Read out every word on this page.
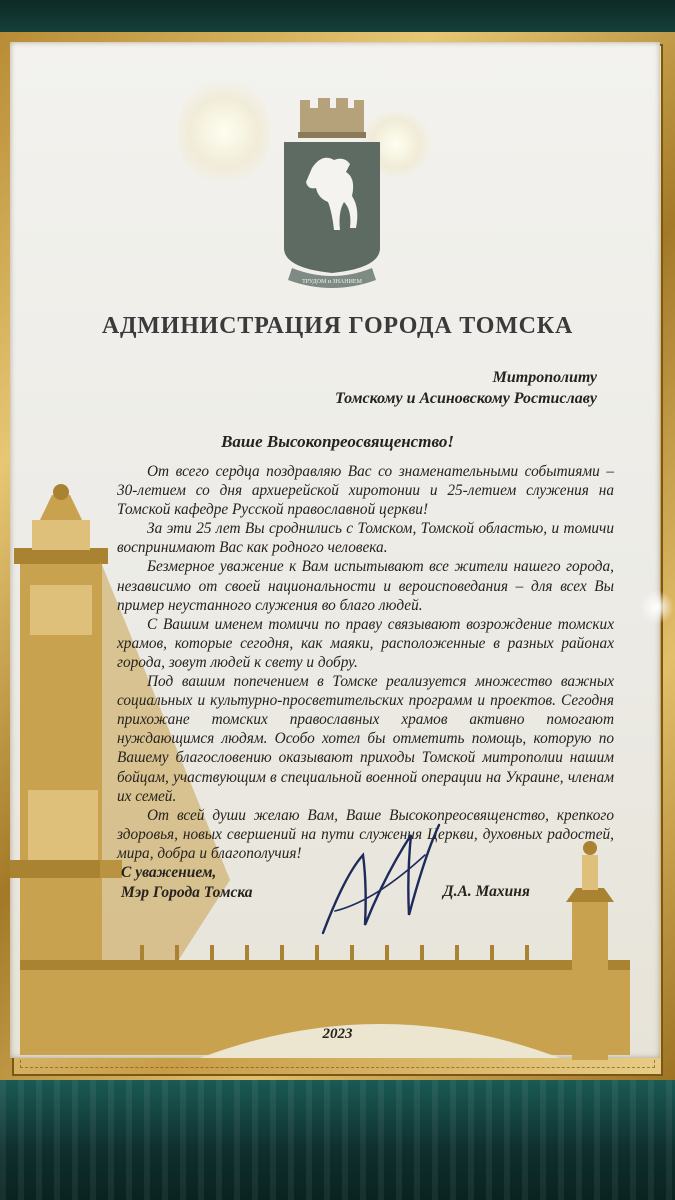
ТРУДОМ и ЗНАНИЕМ
АДМИНИСТРАЦИЯ ГОРОДА ТОМСКА
Митрополиту
Томскому и Асиновскому Ростиславу
Ваше Высокопреосвященство!

От всего сердца поздравляю Вас со знаменательными событиями – 30-летием со дня архиерейской хиротонии и 25-летием служения на Томской кафедре Русской православной церкви!

За эти 25 лет Вы сроднились с Томском, Томской областью, и томичи воспринимают Вас как родного человека.

Безмерное уважение к Вам испытывают все жители нашего города, независимо от своей национальности и вероисповедания – для всех Вы пример неустанного служения во благо людей.

С Вашим именем томичи по праву связывают возрождение томских храмов, которые сегодня, как маяки, расположенные в разных районах города, зовут людей к свету и добру.

Под вашим попечением в Томске реализуется множество важных социальных и культурно-просветительских программ и проектов. Сегодня прихожане томских православных храмов активно помогают нуждающимся людям. Особо хотел бы отметить помощь, которую по Вашему благословению оказывают приходы Томской митрополии нашим бойцам, участвующим в специальной военной операции на Украине, членам их семей.

От всей души желаю Вам, Ваше Высокопреосвященство, крепкого здоровья, новых свершений на пути служения Церкви, духовных радостей, мира, добра и благополучия!

С уважением,
Мэр Города Томска	Д.А. Махиня
2023
